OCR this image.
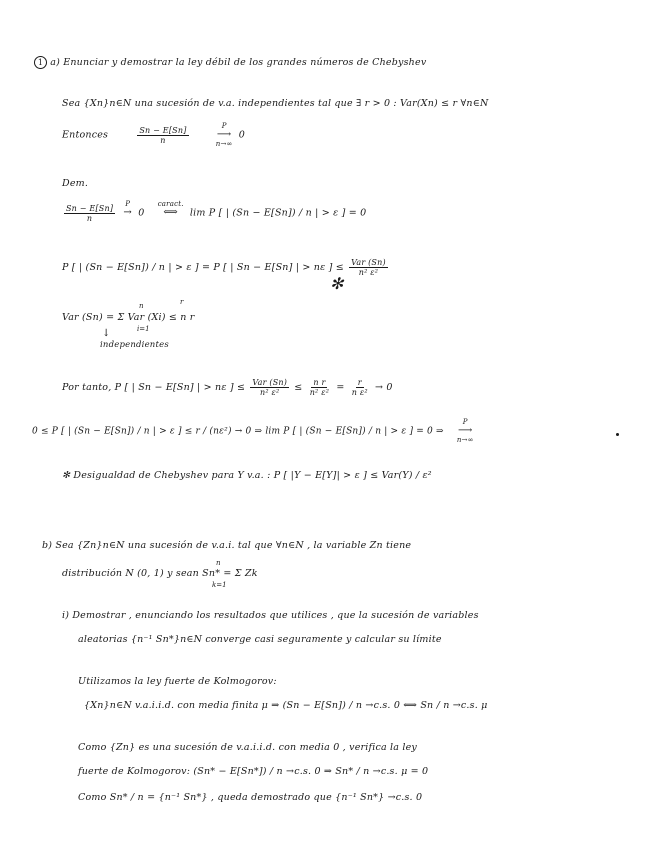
1 a) Enunciar y demostrar la ley débil de los grandes números de Chebyshev
Sea {Xn}n∈N una sucesión de v.a. independientes tal que ∃ r > 0 : Var(Xn) ≤ r ∀n∈N
Entonces	$\frac{Sn - E[Sn]}{n}$
	P
⟶
n→∞
0
Dem.
$\frac{Sn - E[Sn]}{n}$
P
→
0
caract.
⟺
lim P [ | (Sn − E[Sn]) / n | > ε ] = 0
P [ | (Sn − E[Sn]) / n | > ε ] = P [ | Sn − E[Sn] | > nε ] ≤ $\frac{\text{Var (Sn)}}{\text{n² ε²}}$
✻
Var (Sn) = Σ Var (Xi) ≤ n r
n
i=1
r
↓
independientes
Por tanto, P [ | Sn − E[Sn] | > nε ] ≤ $\frac{\text{Var (Sn)}}{\text{n² ε²}} \le \frac{\text{n r}}{\text{n² ε²}} = \frac{r}{\text{n ε²}} \to 0$
0 ≤ P [ | (Sn − E[Sn]) / n | > ε ] ≤ r / (nε²) → 0 ⇒ lim P [ | (Sn − E[Sn]) / n | > ε ] = 0 ⇒
P
⟶
n→∞
✻ Desigualdad de Chebyshev para Y v.a. : P [ |Y − E[Y]| > ε ] ≤ Var(Y) / ε²
b) Sea {Zn}n∈N una sucesión de v.a.i. tal que ∀n∈N , la variable Zn tiene
distribución N (0, 1) y sean Sn* = Σ Zk
n
k=1
i) Demostrar , enunciando los resultados que utilices , que la sucesión de variables
aleatorias {n⁻¹ Sn*}n∈N converge casi seguramente y calcular su límite
Utilizamos la ley fuerte de Kolmogorov:
{Xn}n∈N v.a.i.i.d. con media finita μ ⇒ (Sn − E[Sn]) / n →c.s. 0 ⟺ Sn / n →c.s. μ
Como {Zn} es una sucesión de v.a.i.i.d. con media 0 , verifica la ley
fuerte de Kolmogorov: (Sn* − E[Sn*]) / n →c.s. 0 ⇒ Sn* / n →c.s. μ = 0
Como Sn* / n = {n⁻¹ Sn*} , queda demostrado que {n⁻¹ Sn*} →c.s. 0
